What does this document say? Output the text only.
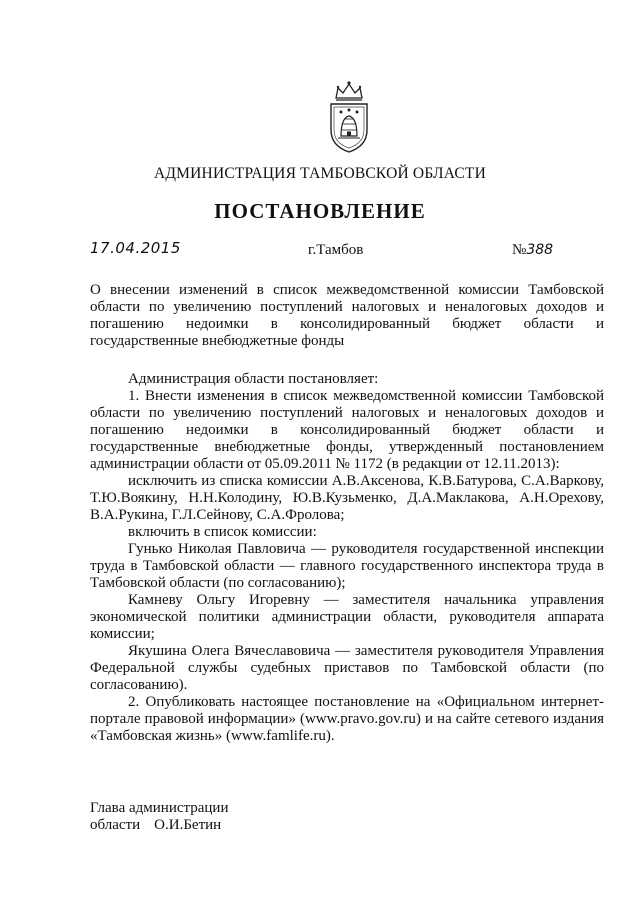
АДМИНИСТРАЦИЯ ТАМБОВСКОЙ ОБЛАСТИ
ПОСТАНОВЛЕНИЕ
17.04.2015	г.Тамбов	№388
О внесении изменений в список межведомственной комиссии Тамбовской области по увеличению поступлений налоговых и неналоговых доходов и погашению недоимки в консолидированный бюджет области и государственные внебюджетные фонды

Администрация области постановляет:

1. Внести изменения в список межведомственной комиссии Тамбовской области по увеличению поступлений налоговых и неналоговых доходов и погашению недоимки в консолидированный бюджет области и государственные внебюджетные фонды, утвержденный постановлением администрации области от 05.09.2011 № 1172 (в редакции от 12.11.2013):

исключить из списка комиссии А.В.Аксенова, К.В.Батурова, С.А.Варкову, Т.Ю.Воякину, Н.Н.Колодину, Ю.В.Кузьменко, Д.А.Маклакова, А.Н.Орехову, В.А.Рукина, Г.Л.Сейнову, С.А.Фролова;

включить в список комиссии:

Гунько Николая Павловича — руководителя государственной инспекции труда в Тамбовской области — главного государственного инспектора труда в Тамбовской области (по согласованию);

Камневу Ольгу Игоревну — заместителя начальника управления экономической политики администрации области, руководителя аппарата комиссии;

Якушина Олега Вячеславовича — заместителя руководителя Управления Федеральной службы судебных приставов по Тамбовской области (по согласованию).

2. Опубликовать настоящее постановление на «Официальном интернет-портале правовой информации» (www.pravo.gov.ru) и на сайте сетевого издания «Тамбовская жизнь» (www.famlife.ru).

Глава администрации
области О.И.Бетин
